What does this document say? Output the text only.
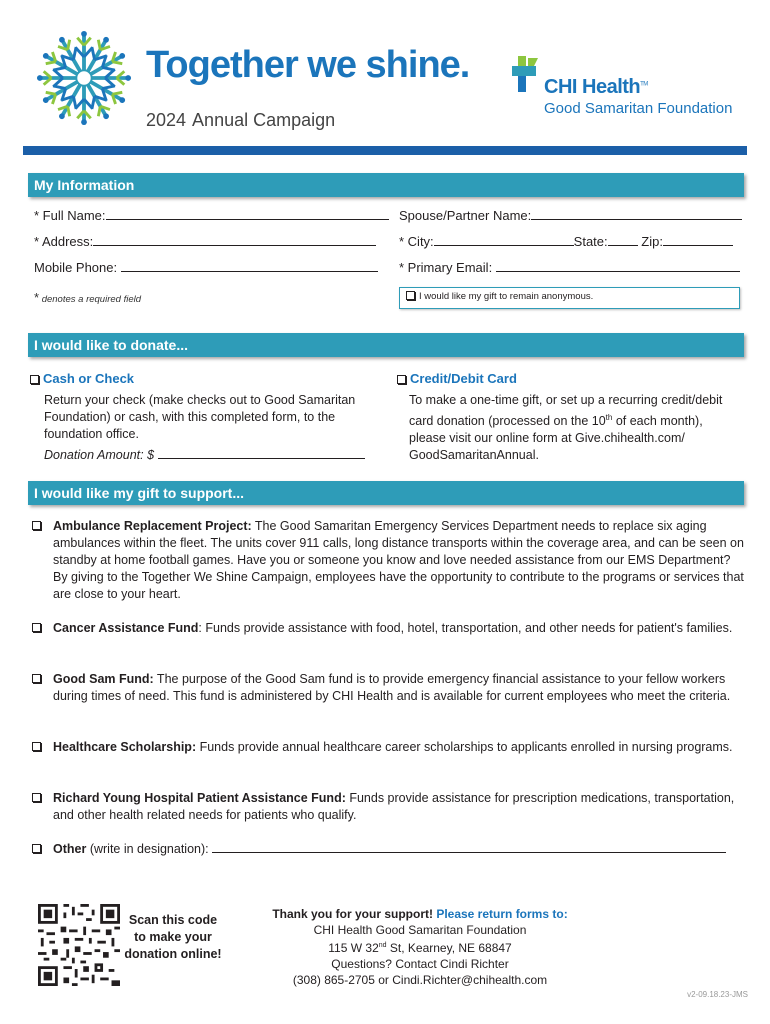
Together we shine.
2024 Annual Campaign
CHI Health™
Good Samaritan Foundation
My Information
* Full Name:	Spouse/Partner Name:
* Address:	* City:	State:	Zip:
Mobile Phone:	* Primary Email:
* denotes a required field	I would like my gift to remain anonymous.
I would like to donate...
Cash or Check
Return your check (make checks out to Good Samaritan Foundation) or cash, with this completed form, to the foundation office.
Donation Amount: $
Credit/Debit Card
To make a one-time gift, or set up a recurring credit/debit card donation (processed on the 10th of each month), please visit our online form at Give.chihealth.com/ GoodSamaritanAnnual.
I would like my gift to support...
Ambulance Replacement Project: The Good Samaritan Emergency Services Department needs to replace six aging ambulances within the fleet. The units cover 911 calls, long distance transports within the coverage area, and can be seen on standby at home football games. Have you or someone you know and love needed assistance from our EMS Department? By giving to the Together We Shine Campaign, employees have the opportunity to contribute to the programs or services that are close to your heart.
Cancer Assistance Fund: Funds provide assistance with food, hotel, transportation, and other needs for patient's families.
Good Sam Fund: The purpose of the Good Sam fund is to provide emergency financial assistance to your fellow workers during times of need. This fund is administered by CHI Health and is available for current employees who meet the criteria.
Healthcare Scholarship: Funds provide annual healthcare career scholarships to applicants enrolled in nursing programs.
Richard Young Hospital Patient Assistance Fund: Funds provide assistance for prescription medications, transportation, and other health related needs for patients who qualify.
Other (write in designation):
Scan this code to make your donation online!
Thank you for your support! Please return forms to:
CHI Health Good Samaritan Foundation
115 W 32nd St, Kearney, NE 68847
Questions? Contact Cindi Richter
(308) 865-2705 or Cindi.Richter@chihealth.com
v2-09.18.23-JMS
